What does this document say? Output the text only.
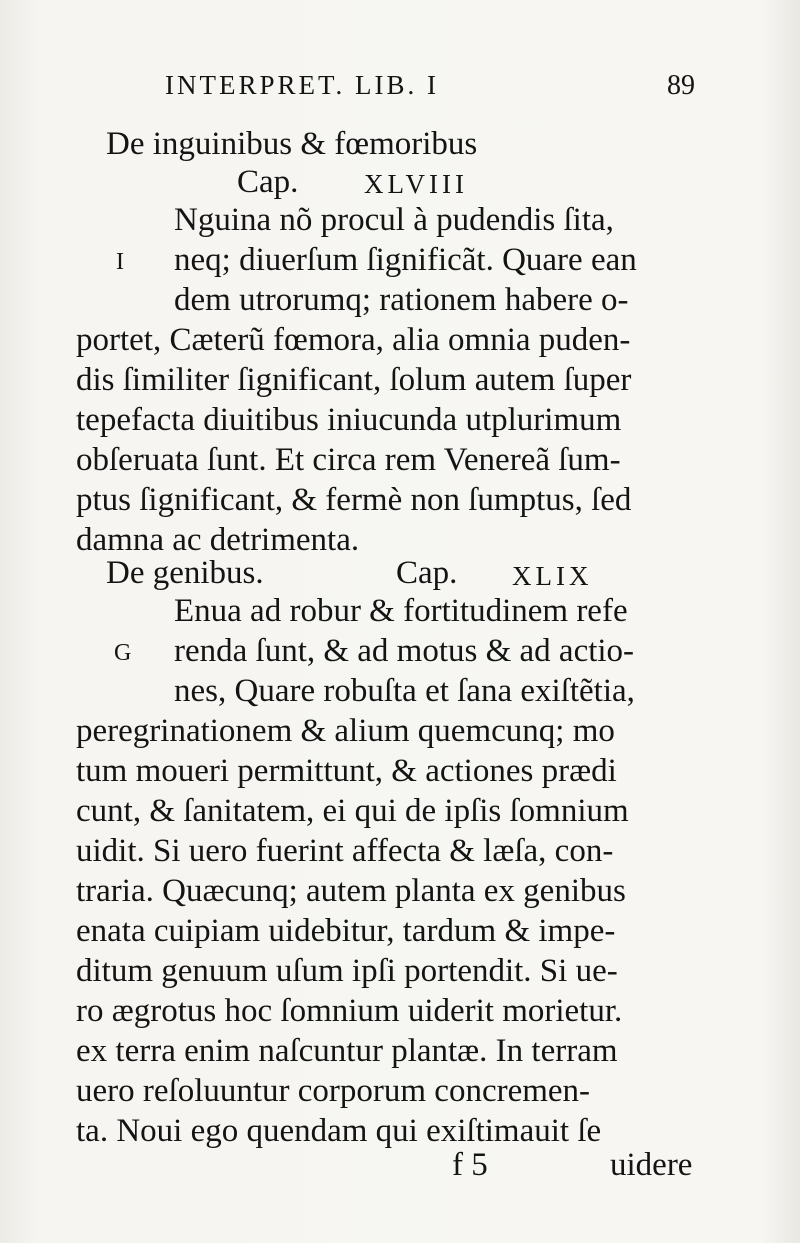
INTERPRET. LIB. I	89
De inguinibus & fœmoribus
Cap. XLVIII
I
Nguina nõ procul à pudendis ſita,
neq; diuerſum ſignificãt. Quare ean
dem utrorumq; rationem habere o-
portet, Cæterũ fœmora, alia omnia puden-
dis ſimiliter ſignificant, ſolum autem ſuper
tepefacta diuitibus iniucunda utplurimum
obſeruata ſunt. Et circa rem Venereã ſum-
ptus ſignificant, & fermè non ſumptus, ſed
damna ac detrimenta.
De genibus.	Cap. XLIX
G
Enua ad robur & fortitudinem refe
renda ſunt, & ad motus & ad actio-
nes, Quare robuſta et ſana exiſtẽtia,
peregrinationem & alium quemcunq; mo
tum moueri permittunt, & actiones prædi
cunt, & ſanitatem, ei qui de ipſis ſomnium
uidit. Si uero fuerint affecta & læſa, con-
traria. Quæcunq; autem planta ex genibus
enata cuipiam uidebitur, tardum & impe-
ditum genuum uſum ipſi portendit. Si ue-
ro ægrotus hoc ſomnium uiderit morietur.
ex terra enim naſcuntur plantæ. In terram
uero reſoluuntur corporum concremen-
ta. Noui ego quendam qui exiſtimauit ſe
f 5	uidere
